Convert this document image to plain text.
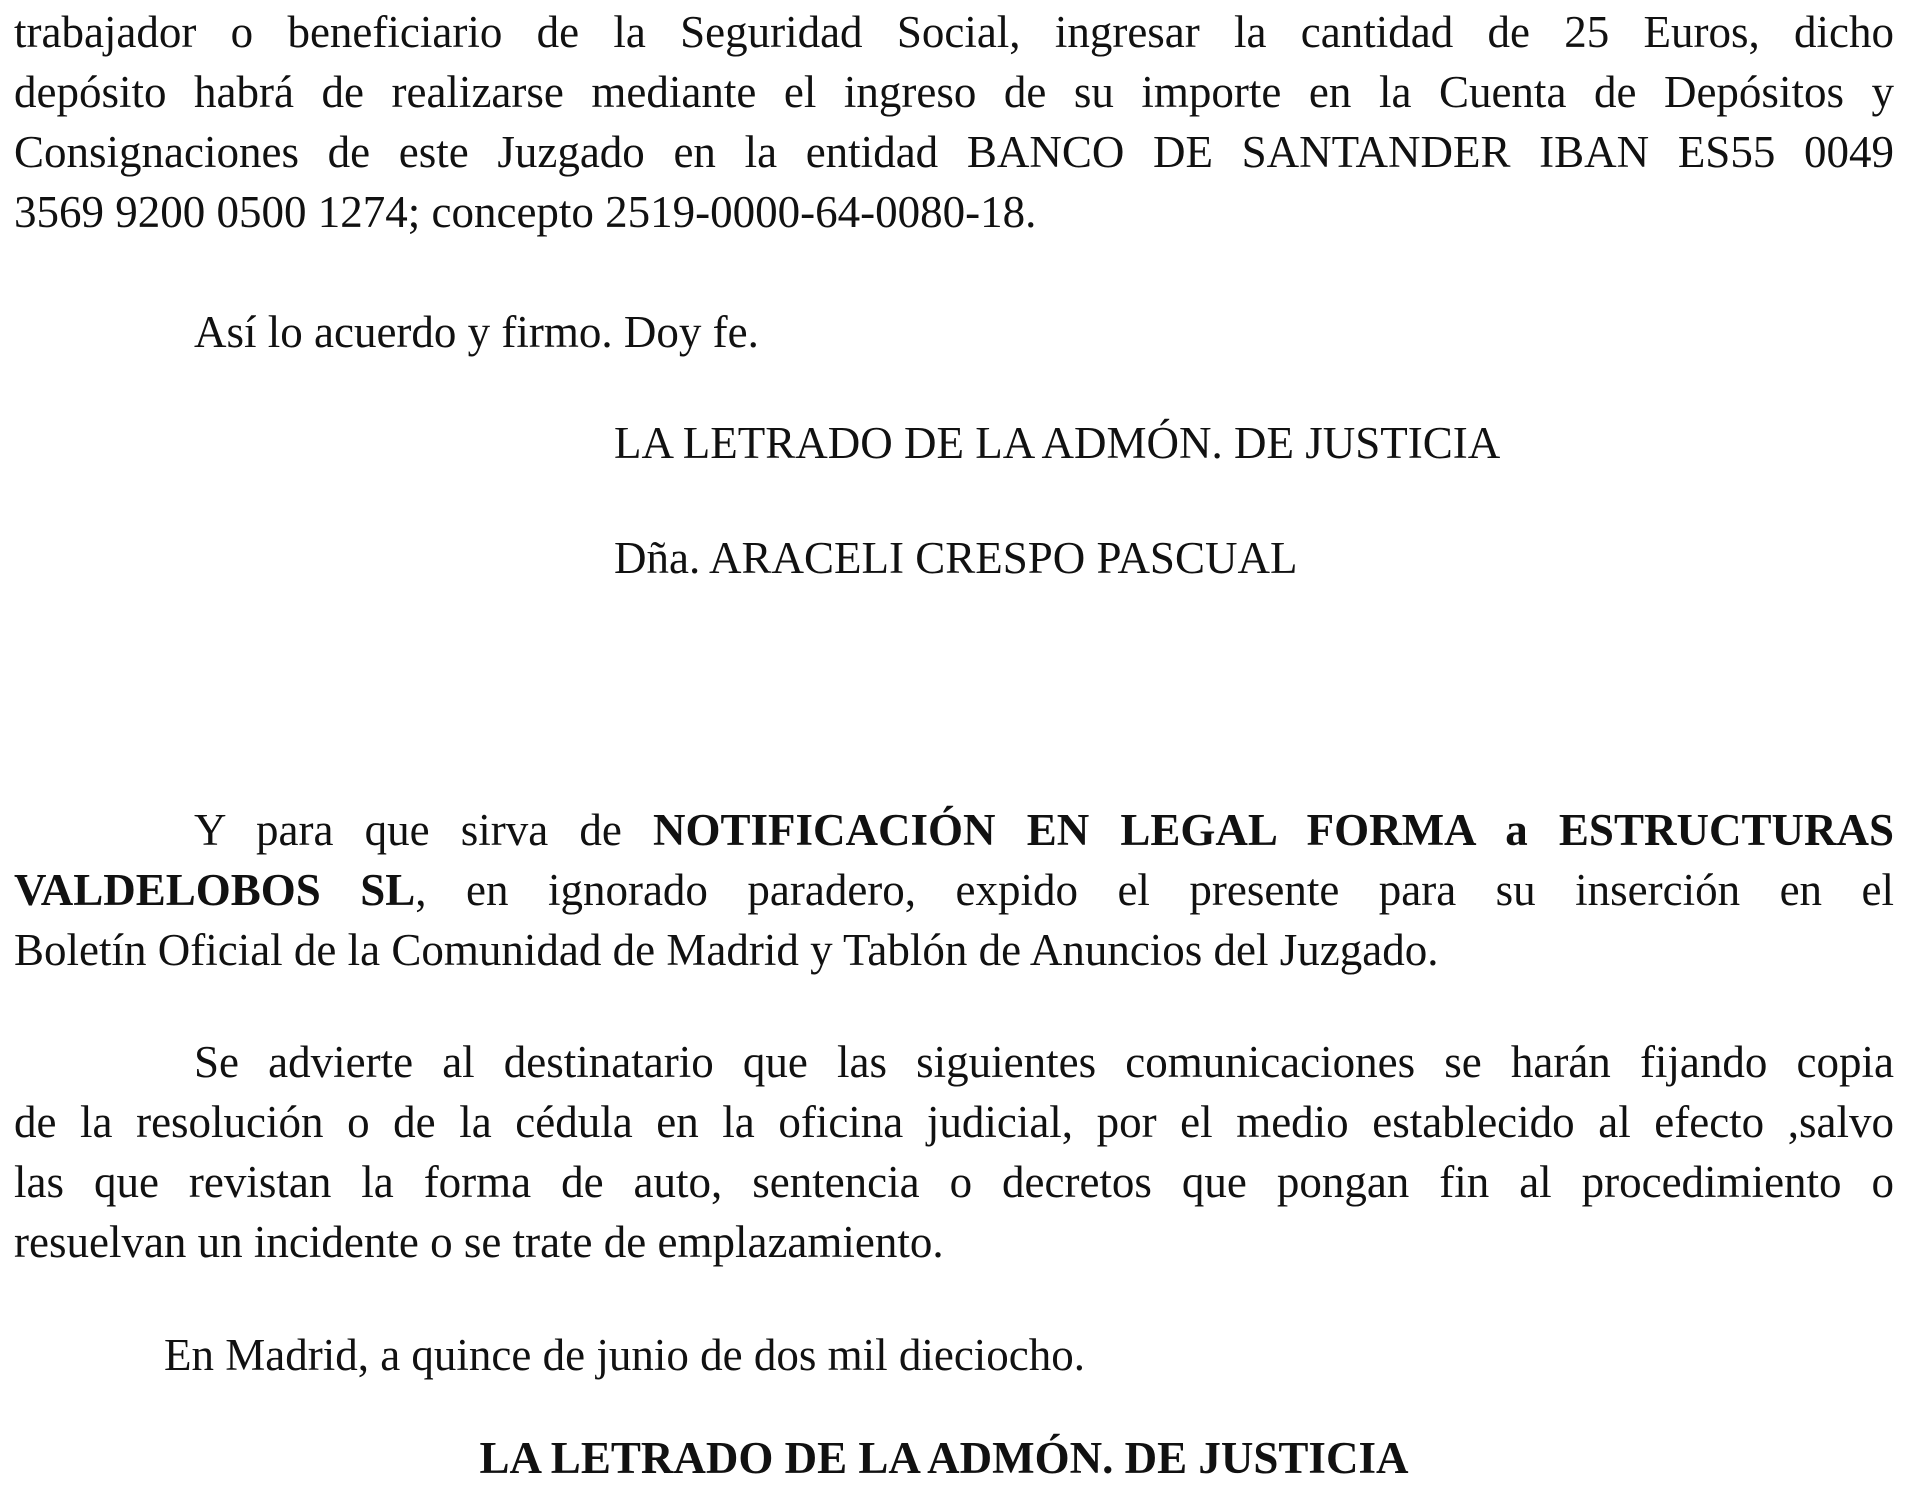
trabajador o beneficiario de la Seguridad Social, ingresar la cantidad de 25 Euros, dicho
depósito habrá de realizarse mediante el ingreso de su importe en la Cuenta de Depósitos y
Consignaciones de este Juzgado en la entidad BANCO DE SANTANDER IBAN ES55 0049
3569 9200 0500 1274; concepto 2519-0000-64-0080-18.

Así lo acuerdo y firmo. Doy fe.

LA LETRADO DE LA ADMÓN. DE JUSTICIA

Dña. ARACELI CRESPO PASCUAL

Y para que sirva de NOTIFICACIÓN EN LEGAL FORMA a ESTRUCTURAS
VALDELOBOS SL, en ignorado paradero, expido el presente para su inserción en el
Boletín Oficial de la Comunidad de Madrid y Tablón de Anuncios del Juzgado.

Se advierte al destinatario que las siguientes comunicaciones se harán fijando copia
de la resolución o de la cédula en la oficina judicial, por el medio establecido al efecto ,salvo
las que revistan la forma de auto, sentencia o decretos que pongan fin al procedimiento o
resuelvan un incidente o se trate de emplazamiento.

En Madrid, a quince de junio de dos mil dieciocho.

LA LETRADO DE LA ADMÓN. DE JUSTICIA
